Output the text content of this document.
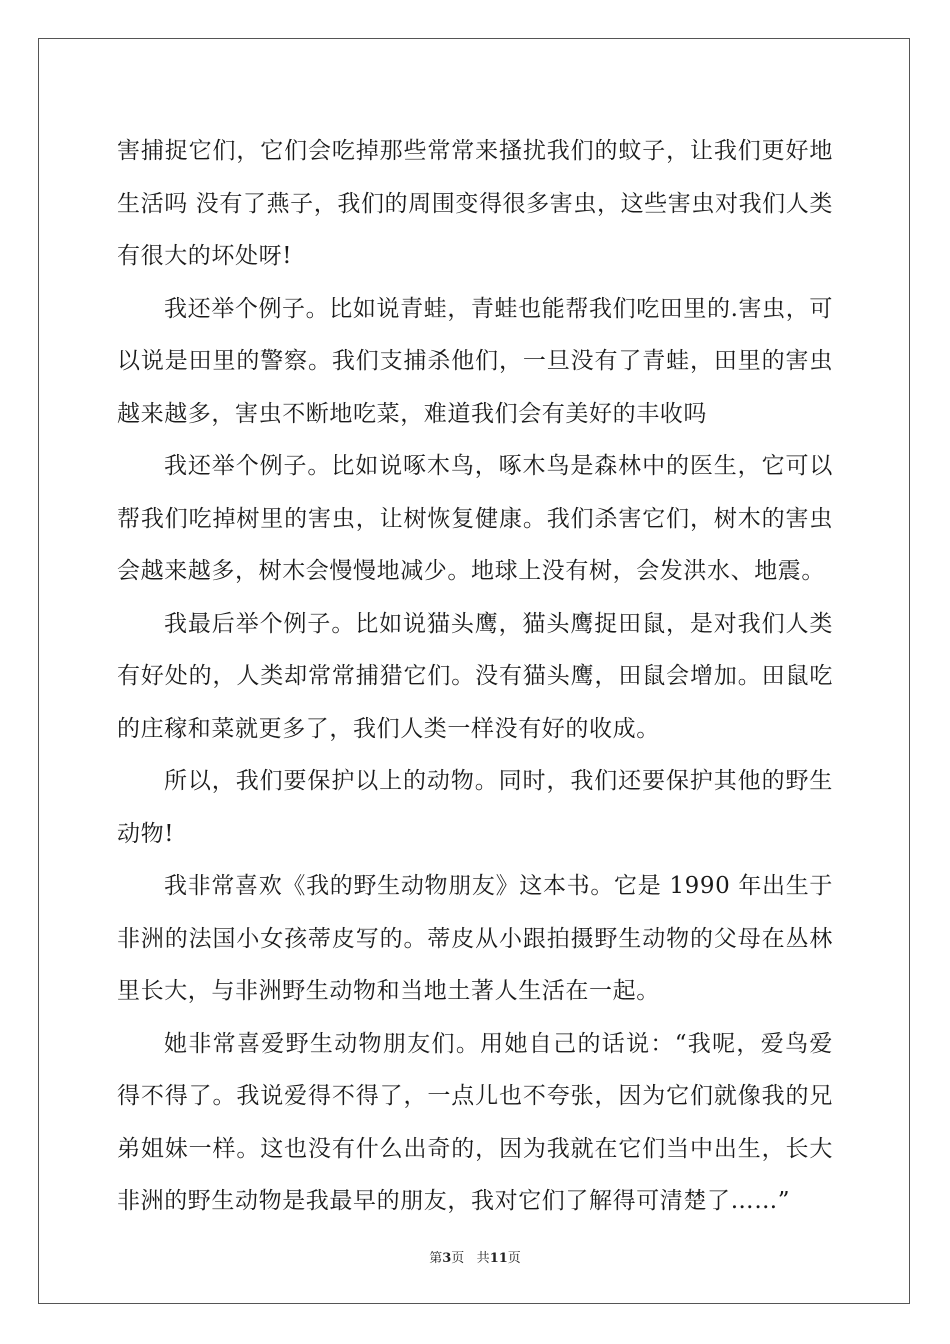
害捕捉它们，它们会吃掉那些常常来搔扰我们的蚊子，让我们更好地生活吗 没有了燕子，我们的周围变得很多害虫，这些害虫对我们人类有很大的坏处呀!

我还举个例子。比如说青蛙，青蛙也能帮我们吃田里的.害虫，可以说是田里的警察。我们支捕杀他们，一旦没有了青蛙，田里的害虫越来越多，害虫不断地吃菜，难道我们会有美好的丰收吗

我还举个例子。比如说啄木鸟，啄木鸟是森林中的医生，它可以帮我们吃掉树里的害虫，让树恢复健康。我们杀害它们，树木的害虫会越来越多，树木会慢慢地减少。地球上没有树，会发洪水、地震。

我最后举个例子。比如说猫头鹰，猫头鹰捉田鼠，是对我们人类有好处的，人类却常常捕猎它们。没有猫头鹰，田鼠会增加。田鼠吃的庄稼和菜就更多了，我们人类一样没有好的收成。

所以，我们要保护以上的动物。同时，我们还要保护其他的野生动物!

我非常喜欢《我的野生动物朋友》这本书。它是 1990 年出生于非洲的法国小女孩蒂皮写的。蒂皮从小跟拍摄野生动物的父母在丛林里长大，与非洲野生动物和当地土著人生活在一起。

她非常喜爱野生动物朋友们。用她自己的话说：“我呢，爱鸟爱得不得了。我说爱得不得了，一点儿也不夸张，因为它们就像我的兄弟姐妹一样。这也没有什么出奇的，因为我就在它们当中出生，长大非洲的野生动物是我最早的朋友，我对它们了解得可清楚了……”

第3页 共11页
